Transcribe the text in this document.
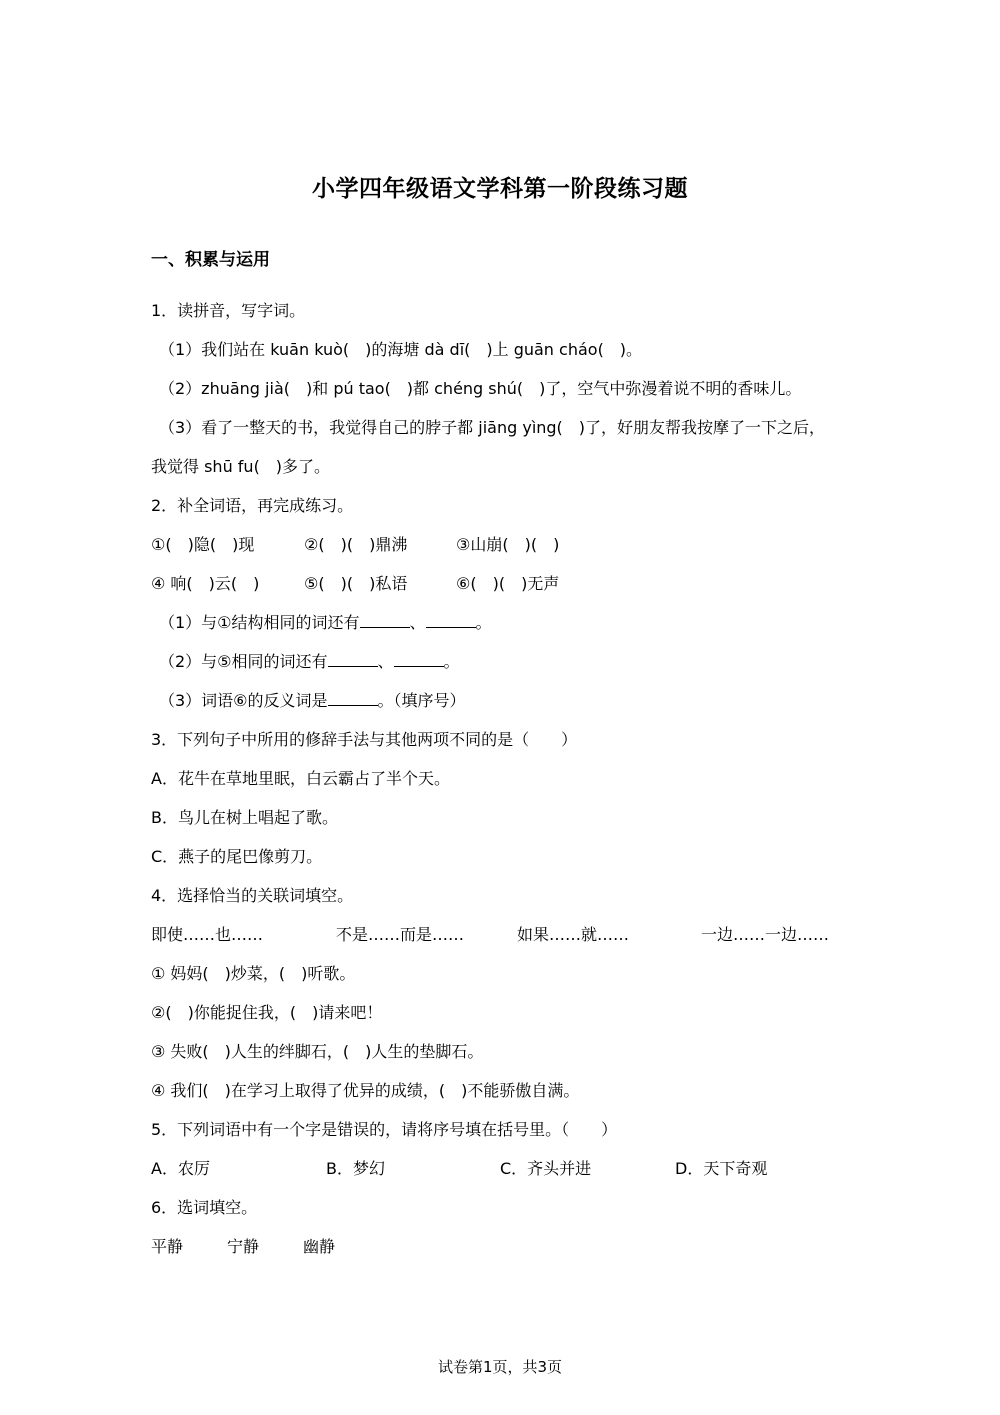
小学四年级语文学科第一阶段练习题
一、积累与运用
1．读拼音，写字词。
（1）我们站在 kuān kuò(　)的海塘 dà dī(　)上 guān cháo(　)。
（2）zhuāng jià(　)和 pú tao(　)都 chéng shú(　)了，空气中弥漫着说不明的香味儿。
（3）看了一整天的书，我觉得自己的脖子都 jiāng yìng(　)了，好朋友帮我按摩了一下之后，
我觉得 shū fu(　)多了。
2．补全词语，再完成练习。
①(　)隐(　)现	②(　)(　)鼎沸	③山崩(　)(　)
④ 响(　)云(　)	⑤(　)(　)私语	⑥(　)(　)无声
（1）与①结构相同的词还有	、	。
（2）与⑤相同的词还有	、	。
（3）词语⑥的反义词是	。（填序号）
3．下列句子中所用的修辞手法与其他两项不同的是（　　）
A．花牛在草地里眠，白云霸占了半个天。
B．鸟儿在树上唱起了歌。
C．燕子的尾巴像剪刀。
4．选择恰当的关联词填空。
即使……也……	不是……而是……	如果……就……	一边……一边……
① 妈妈(　)炒菜，(　)听歌。
②(　)你能捉住我，(　)请来吧！
③ 失败(　)人生的绊脚石，(　)人生的垫脚石。
④ 我们(　)在学习上取得了优异的成绩，(　)不能骄傲自满。
5．下列词语中有一个字是错误的，请将序号填在括号里。（　　）
A．农厉	B．梦幻	C．齐头并进	D．天下奇观
6．选词填空。
平静	宁静	幽静
试卷第1页，共3页
